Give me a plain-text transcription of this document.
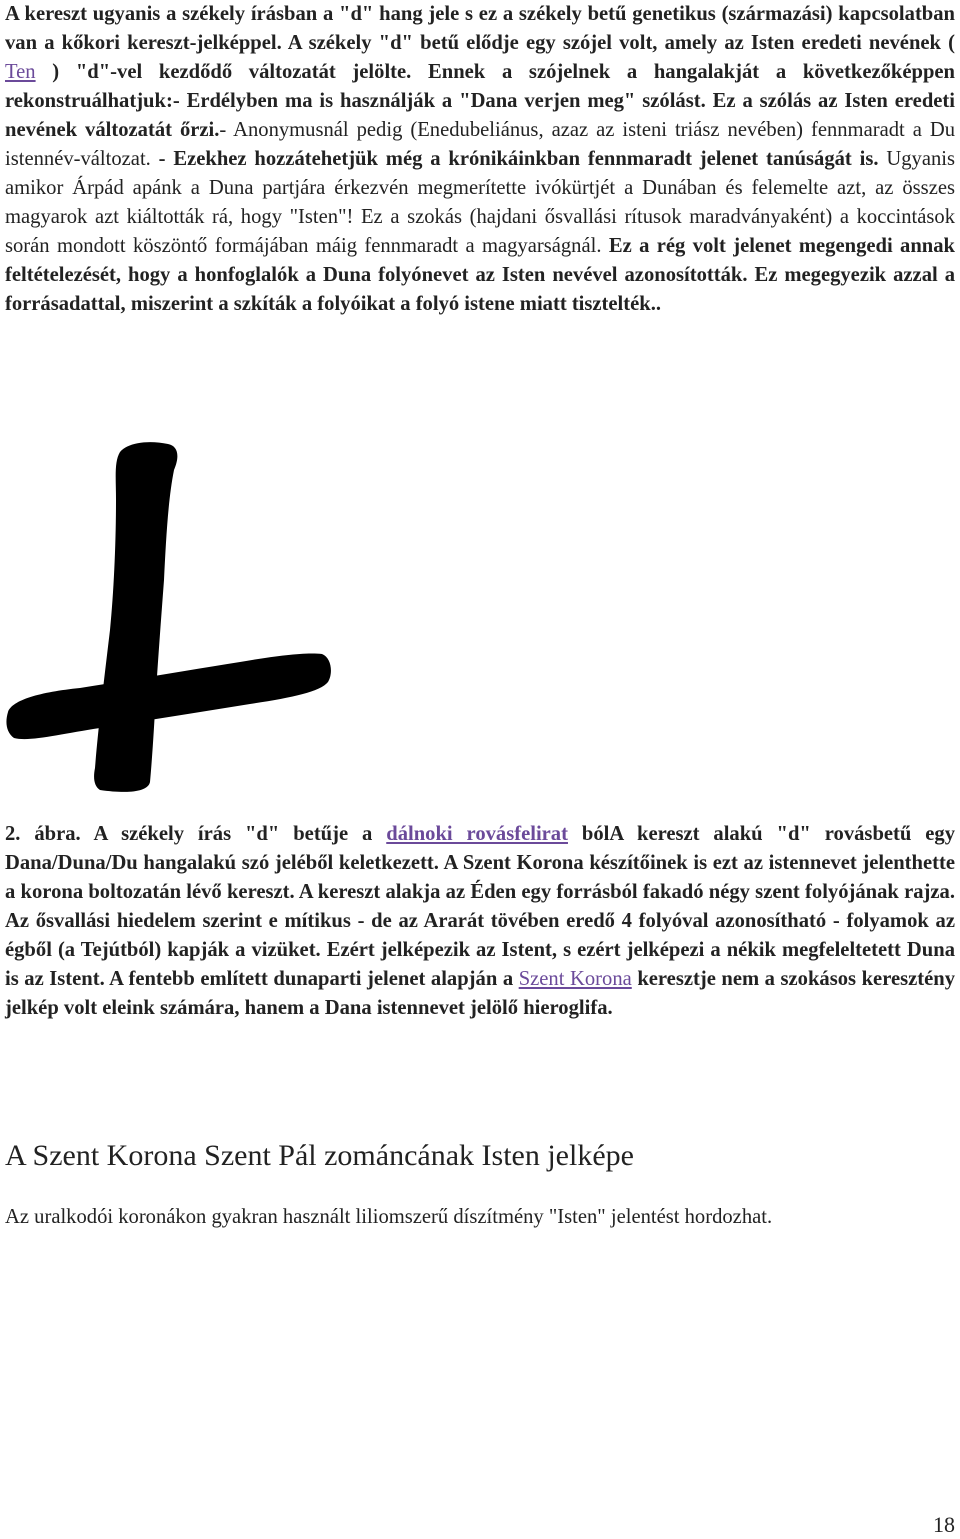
A kereszt ugyanis a székely írásban a "d" hang jele s ez a székely betű genetikus (származási) kapcsolatban van a kőkori kereszt-jelképpel. A székely "d" betű elődje egy szójel volt, amely az Isten eredeti nevének ( Ten ) "d"-vel kezdődő változatát jelölte. Ennek a szójelnek a hangalakját a következőképpen rekonstruálhatjuk:- Erdélyben ma is használják a "Dana verjen meg" szólást. Ez a szólás az Isten eredeti nevének változatát őrzi.- Anonymusnál pedig (Enedubeliánus, azaz az isteni triász nevében) fennmaradt a Du istennév-változat. - Ezekhez hozzátehetjük még a krónikáinkban fennmaradt jelenet tanúságát is. Ugyanis amikor Árpád apánk a Duna partjára érkezvén megmerítette ivókürtjét a Dunában és felemelte azt, az összes magyarok azt kiáltották rá, hogy "Isten"! Ez a szokás (hajdani ősvallási rítusok maradványaként) a koccintások során mondott köszöntő formájában máig fennmaradt a magyarságnál. Ez a rég volt jelenet megengedi annak feltételezését, hogy a honfoglalók a Duna folyónevet az Isten nevével azonosították. Ez megegyezik azzal a forrásadattal, miszerint a szkíták a folyóikat a folyó istene miatt tisztelték..
2. ábra. A székely írás "d" betűje a dálnoki rovásfelirat bólA kereszt alakú "d" rovásbetű egy Dana/Duna/Du hangalakú szó jeléből keletkezett. A Szent Korona készítőinek is ezt az istennevet jelenthette a korona boltozatán lévő kereszt. A kereszt alakja az Éden egy forrásból fakadó négy szent folyójának rajza. Az ősvallási hiedelem szerint e mítikus - de az Ararát tövében eredő 4 folyóval azonosítható - folyamok az égből (a Tejútból) kapják a vizüket. Ezért jelképezik az Istent, s ezért jelképezi a nékik megfeleltetett Duna is az Istent. A fentebb említett dunaparti jelenet alapján a Szent Korona keresztje nem a szokásos keresztény jelkép volt eleink számára, hanem a Dana istennevet jelölő hieroglifa.
A Szent Korona Szent Pál zománcának Isten jelképe

Az uralkodói koronákon gyakran használt liliomszerű díszítmény "Isten" jelentést hordozhat.

18
